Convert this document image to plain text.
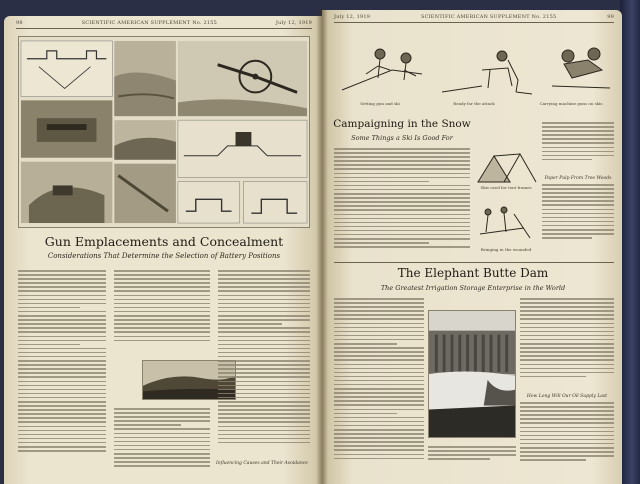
98	SCIENTIFIC AMERICAN SUPPLEMENT No. 2155	July 12, 1919
Gun Emplacements and Concealment
Considerations That Determine the Selection of Battery Positions
Influencing Causes and Their Avoidance
July 12, 1919	SCIENTIFIC AMERICAN SUPPLEMENT No. 2155	99
Setting gun and ski	Ready for the attack	Carrying machine guns on skis
Campaigning in the Snow
Some Things a Ski Is Good For
Skis used for tent frames
Bringing in the wounded
Paper Pulp From Tree Woods
The Elephant Butte Dam
The Greatest Irrigation Storage Enterprise in the World
How Long Will Our Oil Supply Last
